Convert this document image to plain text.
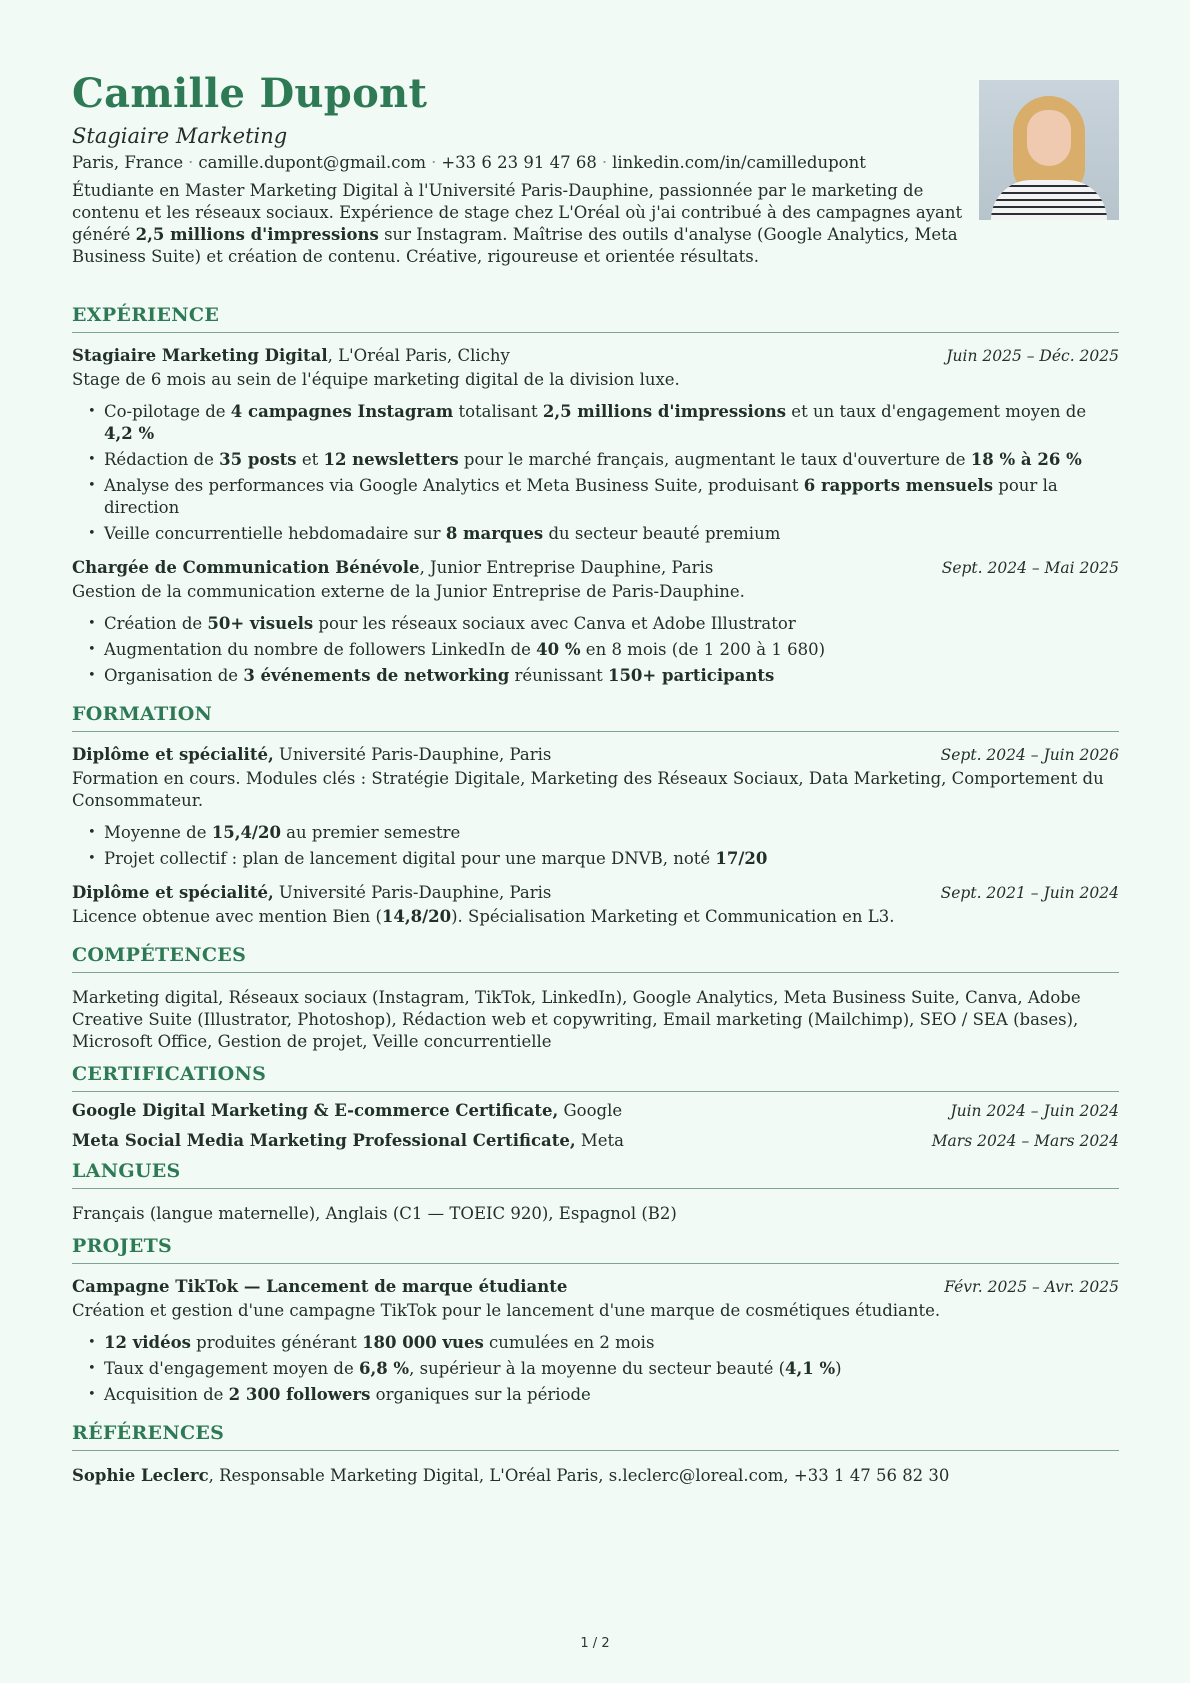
Camille Dupont
Stagiaire Marketing
Paris, France · camille.dupont@gmail.com · +33 6 23 91 47 68 · linkedin.com/in/camilledupont
Étudiante en Master Marketing Digital à l'Université Paris-Dauphine, passionnée par le marketing de contenu et les réseaux sociaux. Expérience de stage chez L'Oréal où j'ai contribué à des campagnes ayant généré 2,5 millions d'impressions sur Instagram. Maîtrise des outils d'analyse (Google Analytics, Meta Business Suite) et création de contenu. Créative, rigoureuse et orientée résultats.
EXPÉRIENCE
Stagiaire Marketing Digital, L'Oréal Paris, Clichy	Juin 2025 – Déc. 2025
Stage de 6 mois au sein de l'équipe marketing digital de la division luxe.
• Co-pilotage de 4 campagnes Instagram totalisant 2,5 millions d'impressions et un taux d'engagement moyen de 4,2 %
• Rédaction de 35 posts et 12 newsletters pour le marché français, augmentant le taux d'ouverture de 18 % à 26 %
• Analyse des performances via Google Analytics et Meta Business Suite, produisant 6 rapports mensuels pour la direction
• Veille concurrentielle hebdomadaire sur 8 marques du secteur beauté premium
Chargée de Communication Bénévole, Junior Entreprise Dauphine, Paris	Sept. 2024 – Mai 2025
Gestion de la communication externe de la Junior Entreprise de Paris-Dauphine.
• Création de 50+ visuels pour les réseaux sociaux avec Canva et Adobe Illustrator
• Augmentation du nombre de followers LinkedIn de 40 % en 8 mois (de 1 200 à 1 680)
• Organisation de 3 événements de networking réunissant 150+ participants
FORMATION
Diplôme et spécialité, Université Paris-Dauphine, Paris	Sept. 2024 – Juin 2026
Formation en cours. Modules clés : Stratégie Digitale, Marketing des Réseaux Sociaux, Data Marketing, Comportement du Consommateur.
• Moyenne de 15,4/20 au premier semestre
• Projet collectif : plan de lancement digital pour une marque DNVB, noté 17/20
Diplôme et spécialité, Université Paris-Dauphine, Paris	Sept. 2021 – Juin 2024
Licence obtenue avec mention Bien (14,8/20). Spécialisation Marketing et Communication en L3.
COMPÉTENCES
Marketing digital, Réseaux sociaux (Instagram, TikTok, LinkedIn), Google Analytics, Meta Business Suite, Canva, Adobe Creative Suite (Illustrator, Photoshop), Rédaction web et copywriting, Email marketing (Mailchimp), SEO / SEA (bases), Microsoft Office, Gestion de projet, Veille concurrentielle
CERTIFICATIONS
Google Digital Marketing & E-commerce Certificate, Google	Juin 2024 – Juin 2024
Meta Social Media Marketing Professional Certificate, Meta	Mars 2024 – Mars 2024
LANGUES
Français (langue maternelle), Anglais (C1 — TOEIC 920), Espagnol (B2)
PROJETS
Campagne TikTok — Lancement de marque étudiante	Févr. 2025 – Avr. 2025
Création et gestion d'une campagne TikTok pour le lancement d'une marque de cosmétiques étudiante.
• 12 vidéos produites générant 180 000 vues cumulées en 2 mois
• Taux d'engagement moyen de 6,8 %, supérieur à la moyenne du secteur beauté (4,1 %)
• Acquisition de 2 300 followers organiques sur la période
RÉFÉRENCES
Sophie Leclerc, Responsable Marketing Digital, L'Oréal Paris, s.leclerc@loreal.com, +33 1 47 56 82 30
1 / 2
